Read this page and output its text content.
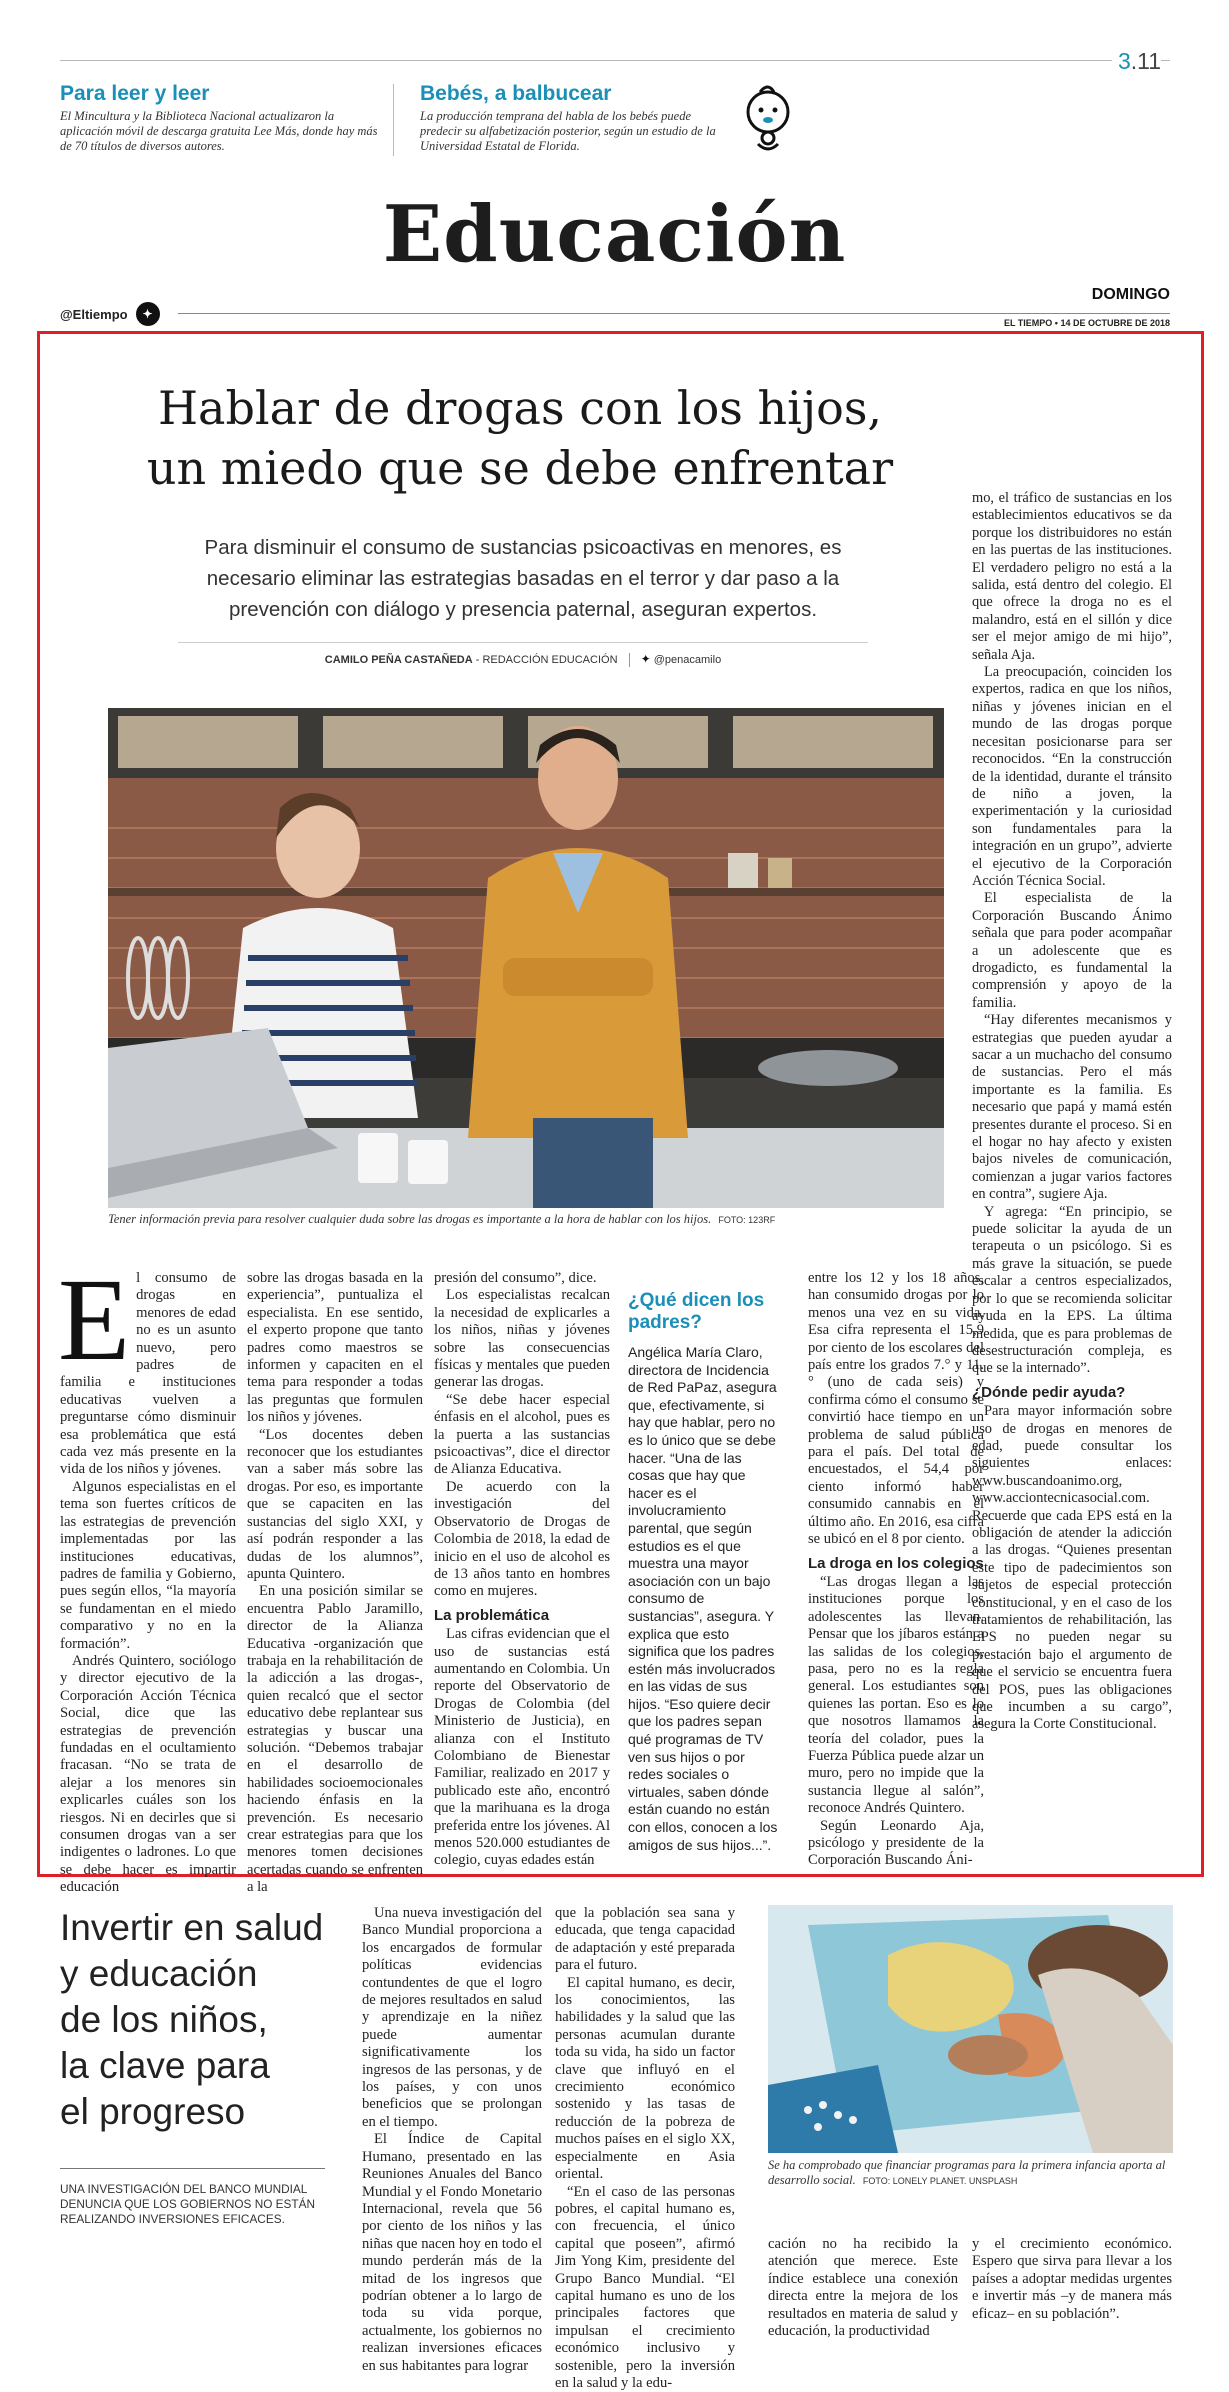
3.11
Para leer y leer
El Mincultura y la Biblioteca Nacional actualizaron la aplicación móvil de descarga gratuita Lee Más, donde hay más de 70 títulos de diversos autores.
Bebés, a balbucear
La producción temprana del habla de los bebés puede predecir su alfabetización posterior, según un estudio de la Universidad Estatal de Florida.
Educación
@Eltiempo	✦
DOMINGO
EL TIEMPO • 14 DE OCTUBRE DE 2018
Hablar de drogas con los hijos,
un miedo que se debe enfrentar
Para disminuir el consumo de sustancias psicoactivas en menores, es necesario eliminar las estrategias basadas en el terror y dar paso a la prevención con diálogo y presencia paternal, aseguran expertos.
CAMILO PEÑA CASTAÑEDA - REDACCIÓN EDUCACIÓN ✦ @penacamilo
Tener información previa para resolver cualquier duda sobre las drogas es importante a la hora de hablar con los hijos. FOTO: 123RF
E l consumo de drogas en menores de edad no es un asunto nuevo, pero padres de familia e instituciones educativas vuelven a preguntarse cómo disminuir esa problemática que está cada vez más presente en la vida de los niños y jóvenes.

Algunos especialistas en el tema son fuertes críticos de las estrategias de prevención implementadas por las instituciones educativas, padres de familia y Gobierno, pues según ellos, “la mayoría se fundamentan en el miedo comparativo y no en la formación”.

Andrés Quintero, sociólogo y director ejecutivo de la Corporación Acción Técnica Social, dice que las estrategias de prevención fundadas en el ocultamiento fracasan. “No se trata de alejar a los menores sin explicarles cuáles son los riesgos. Ni en decirles que si consumen drogas van a ser indigentes o ladrones. Lo que se debe hacer es impartir educación

sobre las drogas basada en la experiencia”, puntualiza el especialista. En ese sentido, el experto propone que tanto padres como maestros se informen y capaciten en el tema para responder a todas las preguntas que formulen los niños y jóvenes.

“Los docentes deben reconocer que los estudiantes van a saber más sobre las drogas. Por eso, es importante que se capaciten en las sustancias del siglo XXI, y así podrán responder a las dudas de los alumnos”, apunta Quintero.

En una posición similar se encuentra Pablo Jaramillo, director de la Alianza Educativa -organización que trabaja en la rehabilitación de la adicción a las drogas-, quien recalcó que el sector educativo debe replantear sus estrategias y buscar una solución. “Debemos trabajar en el desarrollo de habilidades socioemocionales haciendo énfasis en la prevención. Es necesario crear estrategias para que los menores tomen decisiones acertadas cuando se enfrenten a la

presión del consumo”, dice.

Los especialistas recalcan la necesidad de explicarles a los niños, niñas y jóvenes sobre las consecuencias físicas y mentales que pueden generar las drogas.

“Se debe hacer especial énfasis en el alcohol, pues es la puerta a las sustancias psicoactivas”, dice el director de Alianza Educativa.

De acuerdo con la investigación del Observatorio de Drogas de Colombia de 2018, la edad de inicio en el uso de alcohol es de 13 años tanto en hombres como en mujeres.

La problemática

Las cifras evidencian que el uso de sustancias está aumentando en Colombia. Un reporte del Observatorio de Drogas de Colombia (del Ministerio de Justicia), en alianza con el Instituto Colombiano de Bienestar Familiar, realizado en 2017 y publicado este año, encontró que la marihuana es la droga preferida entre los jóvenes. Al menos 520.000 estudiantes de colegio, cuyas edades están

¿Qué dicen los padres?
Angélica María Claro, directora de Incidencia de Red PaPaz, asegura que, efectivamente, si hay que hablar, pero no es lo único que se debe hacer. “Una de las cosas que hay que hacer es el involucramiento parental, que según estudios es el que muestra una mayor asociación con un bajo consumo de sustancias”, asegura. Y explica que esto significa que los padres estén más involucrados en las vidas de sus hijos. “Eso quiere decir que los padres sepan qué programas de TV ven sus hijos o por redes sociales o virtuales, saben dónde están cuando no están con ellos, conocen a los amigos de sus hijos...”.

entre los 12 y los 18 años, han consumido drogas por lo menos una vez en su vida. Esa cifra representa el 15,9 por ciento de los escolares del país entre los grados 7.° y 11.° (uno de cada seis) y confirma cómo el consumo se convirtió hace tiempo en un problema de salud pública para el país. Del total de encuestados, el 54,4 por ciento informó haber consumido cannabis en el último año. En 2016, esa cifra se ubicó en el 8 por ciento.

La droga en los colegios

“Las drogas llegan a las instituciones porque los adolescentes las llevan. Pensar que los jíbaros están a las salidas de los colegios, pasa, pero no es la regla general. Los estudiantes son quienes las portan. Eso es lo que nosotros llamamos la teoría del colador, pues la Fuerza Pública puede alzar un muro, pero no impide que la sustancia llegue al salón”, reconoce Andrés Quintero.

Según Leonardo Aja, psicólogo y presidente de la Corporación Buscando Áni-

mo, el tráfico de sustancias en los establecimientos educativos se da porque los distribuidores no están en las puertas de las instituciones. El verdadero peligro no está a la salida, está dentro del colegio. El que ofrece la droga no es el malandro, está en el sillón y dice ser el mejor amigo de mi hijo”, señala Aja.

La preocupación, coinciden los expertos, radica en que los niños, niñas y jóvenes inician en el mundo de las drogas porque necesitan posicionarse para ser reconocidos. “En la construcción de la identidad, durante el tránsito de niño a joven, la experimentación y la curiosidad son fundamentales para la integración en un grupo”, advierte el ejecutivo de la Corporación Acción Técnica Social.

El especialista de la Corporación Buscando Ánimo señala que para poder acompañar a un adolescente que es drogadicto, es fundamental la comprensión y apoyo de la familia.

“Hay diferentes mecanismos y estrategias que pueden ayudar a sacar a un muchacho del consumo de sustancias. Pero el más importante es la familia. Es necesario que papá y mamá estén presentes durante el proceso. Si en el hogar no hay afecto y existen bajos niveles de comunicación, comienzan a jugar varios factores en contra”, sugiere Aja.

Y agrega: “En principio, se puede solicitar la ayuda de un terapeuta o un psicólogo. Si es más grave la situación, se puede escalar a centros especializados, por lo que se recomienda solicitar ayuda en la EPS. La última medida, que es para problemas de desestructuración compleja, es que se la internado”.

¿Dónde pedir ayuda?

Para mayor información sobre uso de drogas en menores de edad, puede consultar los siguientes enlaces: www.buscandoanimo.org, www.acciontecnicasocial.com. Recuerde que cada EPS está en la obligación de atender la adicción a las drogas. “Quienes presentan este tipo de padecimientos son sujetos de especial protección constitucional, y en el caso de los tratamientos de rehabilitación, las EPS no pueden negar su prestación bajo el argumento de que el servicio se encuentra fuera del POS, pues las obligaciones que incumben a su cargo”, asegura la Corte Constitucional.

Invertir en salud
y educación
de los niños,
la clave para
el progreso
UNA INVESTIGACIÓN DEL BANCO MUNDIAL DENUNCIA QUE LOS GOBIERNOS NO ESTÁN REALIZANDO INVERSIONES EFICACES.

Una nueva investigación del Banco Mundial proporciona a los encargados de formular políticas evidencias contundentes de que el logro de mejores resultados en salud y aprendizaje en la niñez puede aumentar significativamente los ingresos de las personas, y de los países, y con unos beneficios que se prolongan en el tiempo.

El Índice de Capital Humano, presentado en las Reuniones Anuales del Banco Mundial y el Fondo Monetario Internacional, revela que 56 por ciento de los niños y las niñas que nacen hoy en todo el mundo perderán más de la mitad de los ingresos que podrían obtener a lo largo de toda su vida porque, actualmente, los gobiernos no realizan inversiones eficaces en sus habitantes para lograr

que la población sea sana y educada, que tenga capacidad de adaptación y esté preparada para el futuro.

El capital humano, es decir, los conocimientos, las habilidades y la salud que las personas acumulan durante toda su vida, ha sido un factor clave que influyó en el crecimiento económico sostenido y las tasas de reducción de la pobreza de muchos países en el siglo XX, especialmente en Asia oriental.

“En el caso de las personas pobres, el capital humano es, con frecuencia, el único capital que poseen”, afirmó Jim Yong Kim, presidente del Grupo Banco Mundial. “El capital humano es uno de los principales factores que impulsan el crecimiento económico inclusivo y sostenible, pero la inversión en la salud y la edu-

Se ha comprobado que financiar programas para la primera infancia aporta al desarrollo social. FOTO: LONELY PLANET. UNSPLASH

cación no ha recibido la atención que merece. Este índice establece una conexión directa entre la mejora de los resultados en materia de salud y educación, la productividad

y el crecimiento económico. Espero que sirva para llevar a los países a adoptar medidas urgentes e invertir más –y de manera más eficaz– en su población”.
